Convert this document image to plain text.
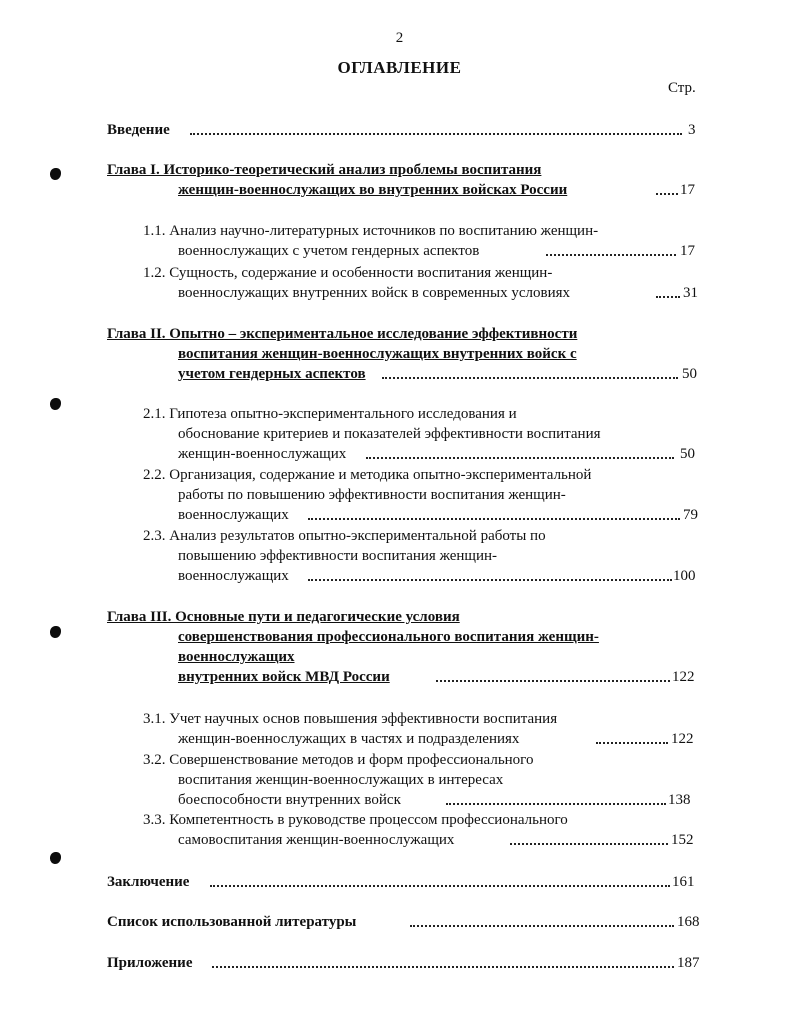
2
ОГЛАВЛЕНИЕ
Стр.
Введение	3
Глава I. Историко-теоретический анализ проблемы воспитания
женщин-военнослужащих во внутренних войсках России	17
1.1. Анализ научно-литературных источников по воспитанию женщин-
военнослужащих с учетом гендерных аспектов	17
1.2. Сущность, содержание и особенности воспитания женщин-
военнослужащих внутренних войск в современных условиях	31
Глава II. Опытно – экспериментальное исследование эффективности
воспитания женщин-военнослужащих внутренних войск с
учетом гендерных аспектов	50
2.1. Гипотеза опытно-экспериментального исследования и
обоснование критериев и показателей эффективности воспитания
женщин-военнослужащих	50
2.2. Организация, содержание и методика опытно-экспериментальной
работы по повышению эффективности воспитания женщин-
военнослужащих	79
2.3. Анализ результатов опытно-экспериментальной работы по
повышению эффективности воспитания женщин-
военнослужащих	100
Глава III. Основные пути и педагогические условия
совершенствования профессионального воспитания женщин-
военнослужащих
внутренних войск МВД России	122
3.1. Учет научных основ повышения эффективности воспитания
женщин-военнослужащих в частях и подразделениях	122
3.2. Совершенствование методов и форм профессионального
воспитания женщин-военнослужащих в интересах
боеспособности внутренних войск	138
3.3. Компетентность в руководстве процессом профессионального
самовоспитания женщин-военнослужащих	152
Заключение	161
Список использованной литературы	168
Приложение	187
